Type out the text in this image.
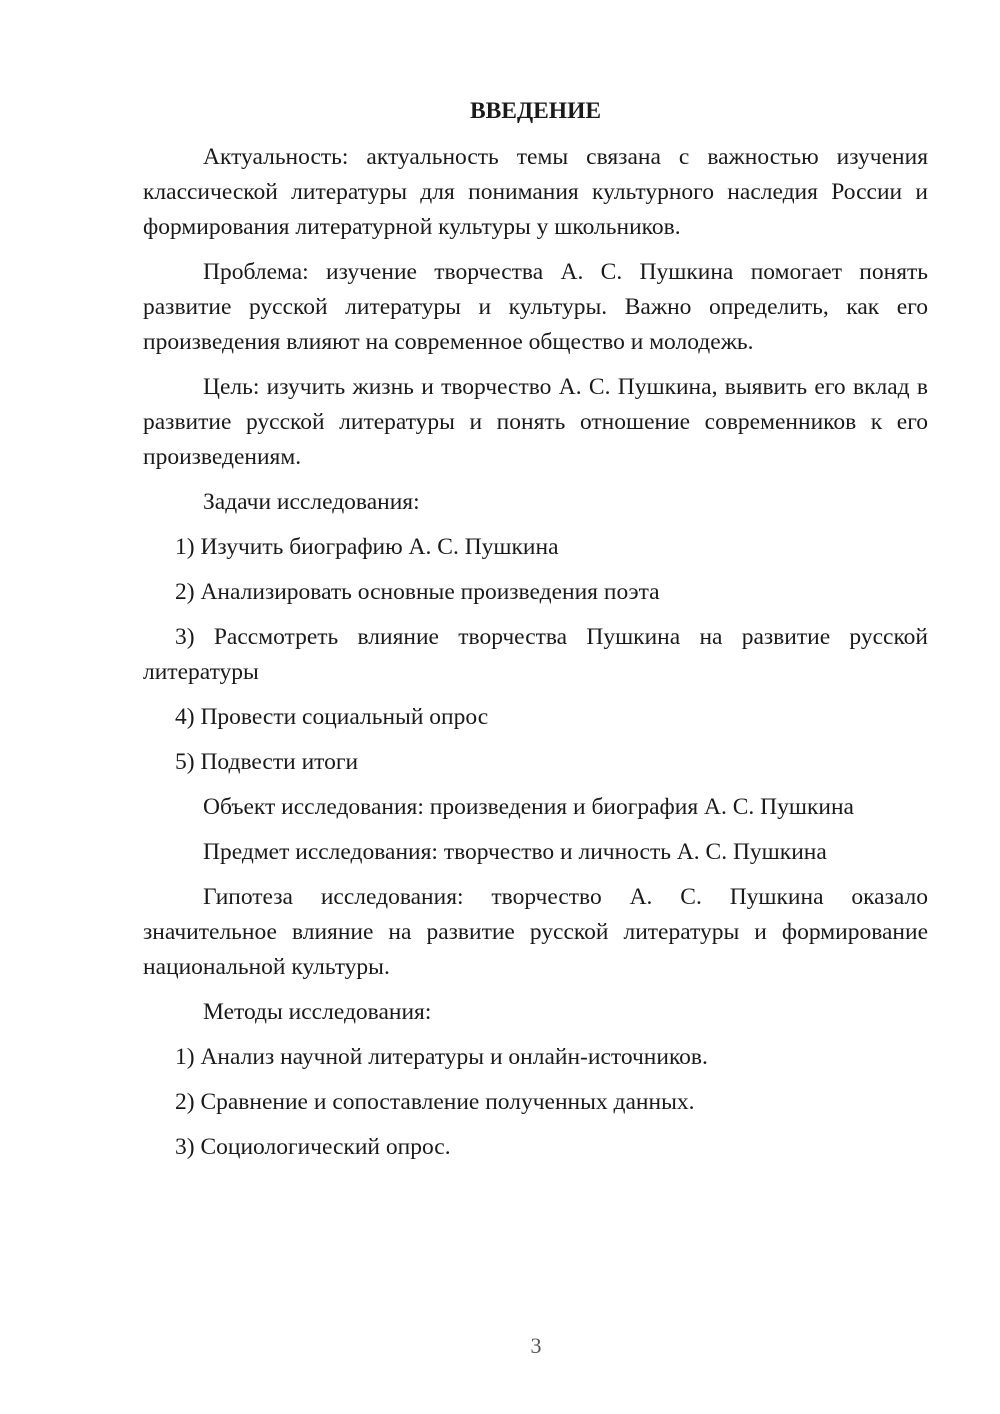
ВВЕДЕНИЕ

Актуальность: актуальность темы связана с важностью изучения классической литературы для понимания культурного наследия России и формирования литературной культуры у школьников.

Проблема: изучение творчества А. С. Пушкина помогает понять развитие русской литературы и культуры. Важно определить, как его произведения влияют на современное общество и молодежь.

Цель: изучить жизнь и творчество А. С. Пушкина, выявить его вклад в развитие русской литературы и понять отношение современников к его произведениям.

Задачи исследования:

1) Изучить биографию А. С. Пушкина

2) Анализировать основные произведения поэта

3) Рассмотреть влияние творчества Пушкина на развитие русской литературы

4) Провести социальный опрос

5) Подвести итоги

Объект исследования: произведения и биография А. С. Пушкина

Предмет исследования: творчество и личность А. С. Пушкина

Гипотеза исследования: творчество А. С. Пушкина оказало значительное влияние на развитие русской литературы и формирование национальной культуры.

Методы исследования:

1) Анализ научной литературы и онлайн-источников.

2) Сравнение и сопоставление полученных данных.

3) Социологический опрос.

3
